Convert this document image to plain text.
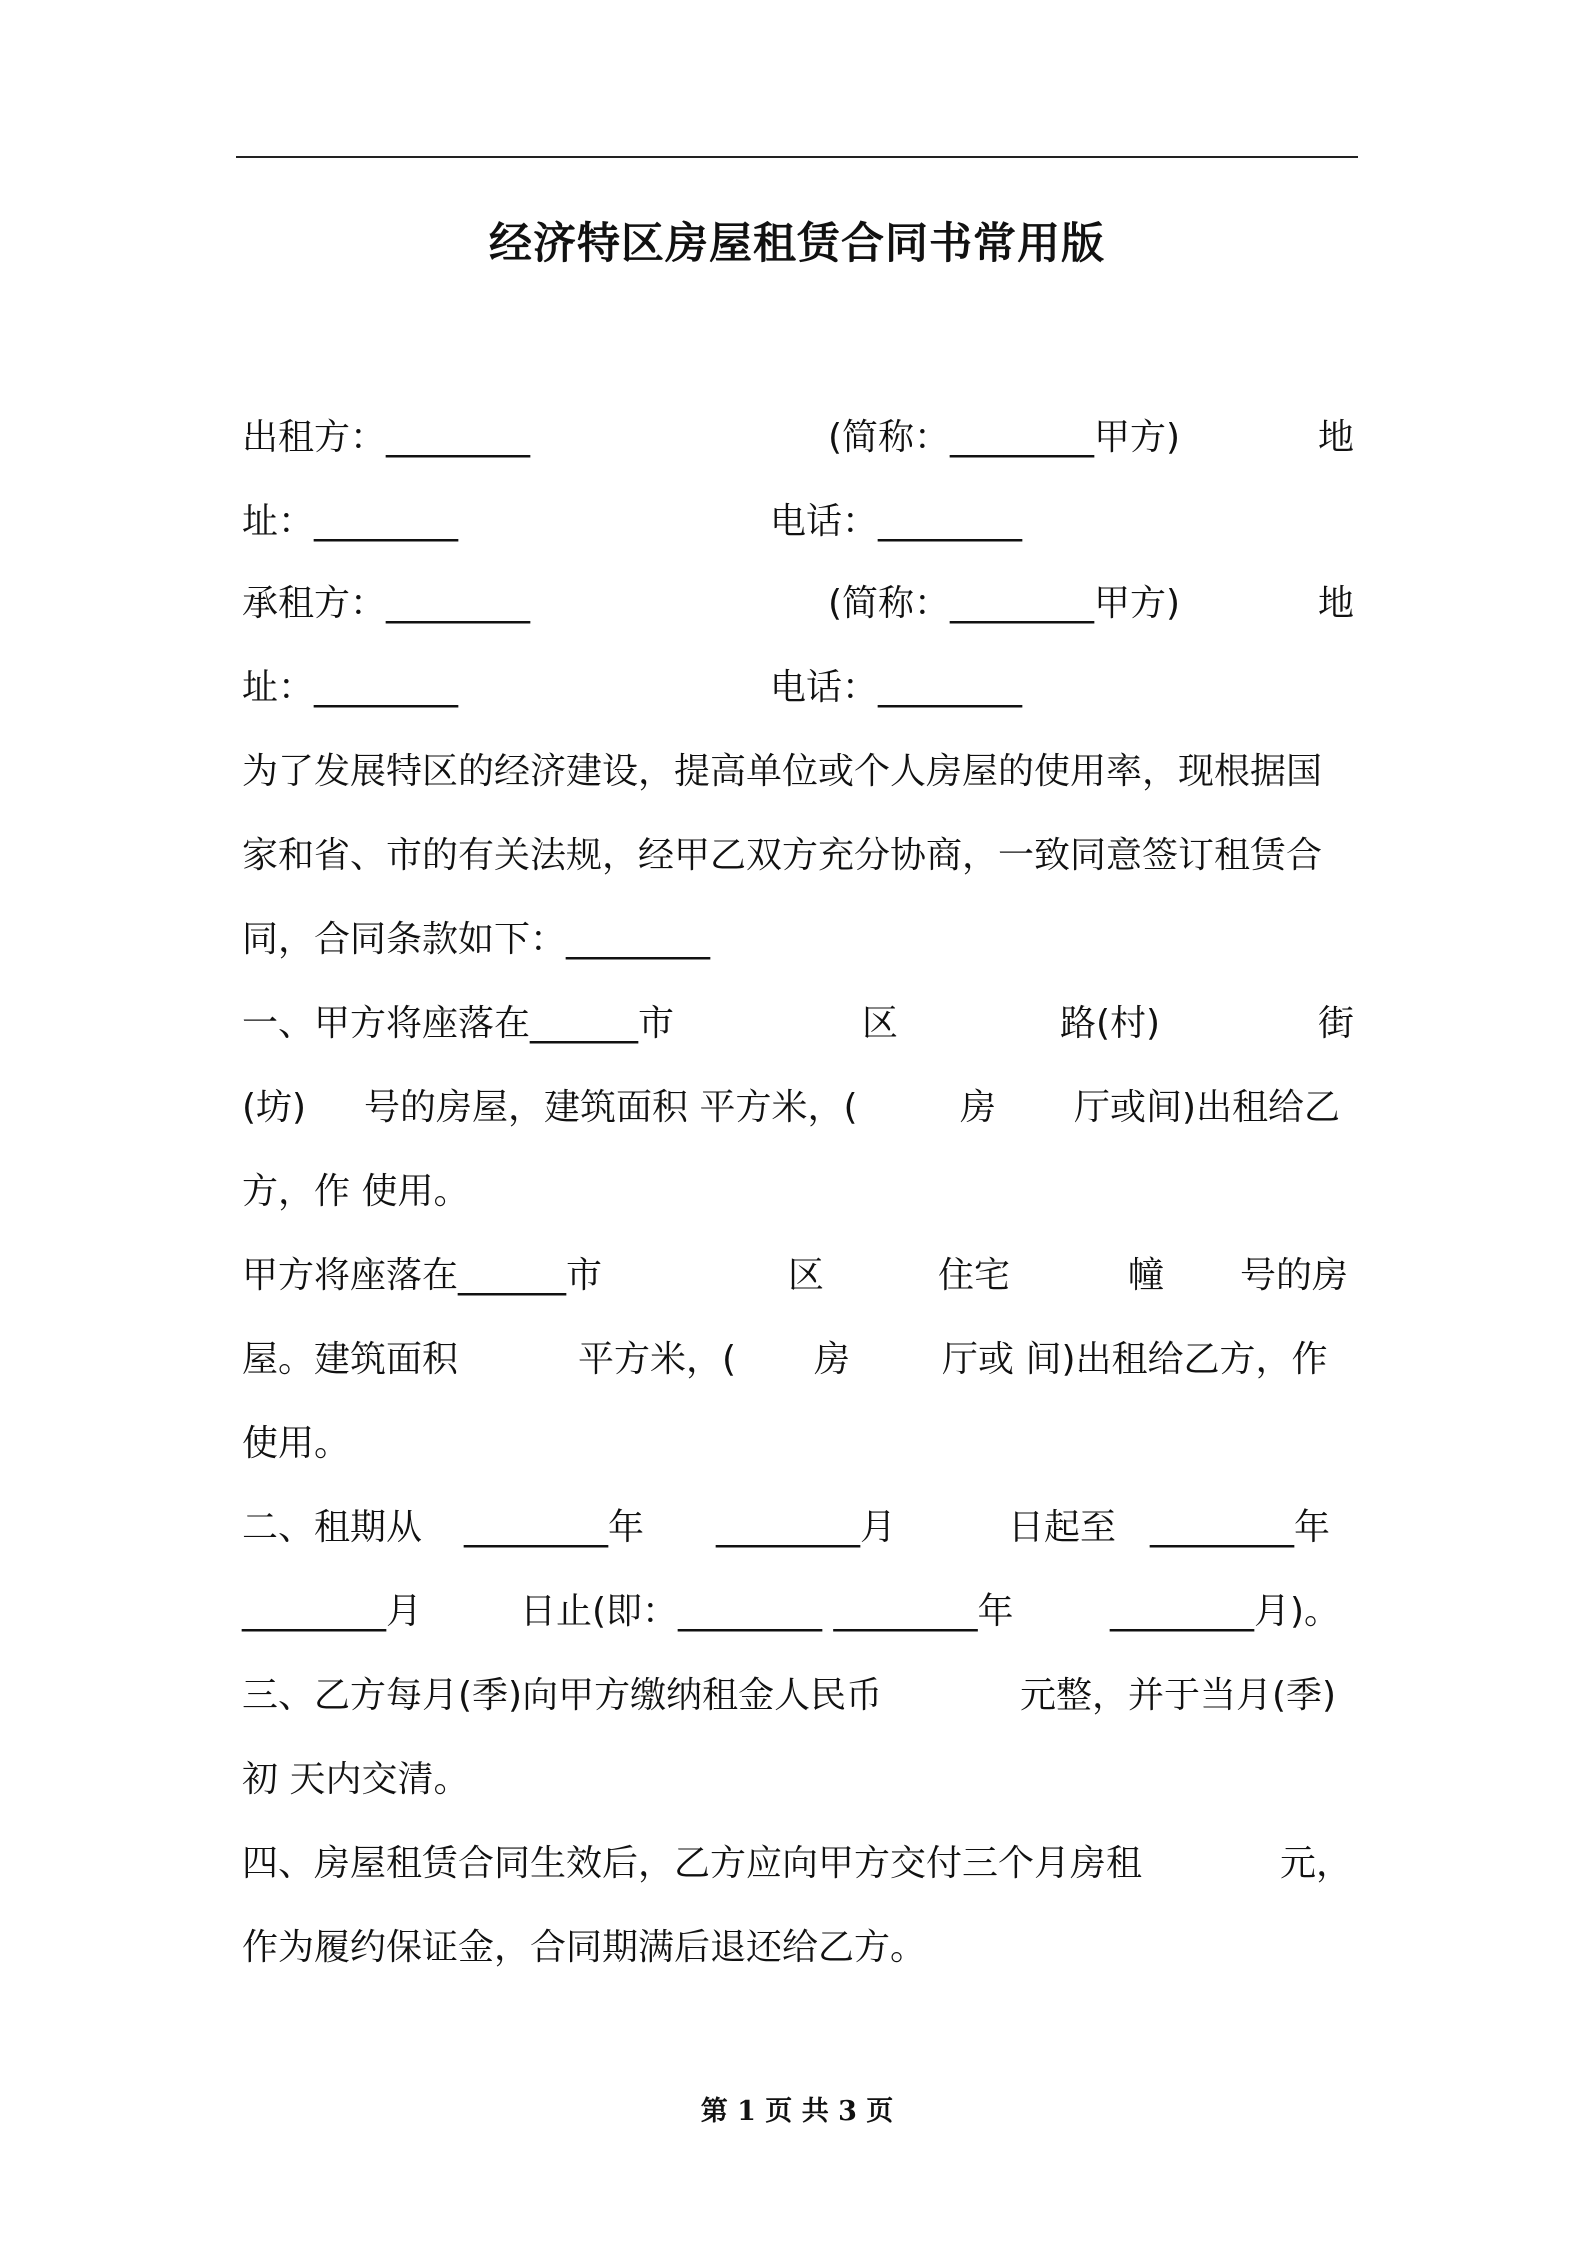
经济特区房屋租赁合同书常用版
出租方：________	(简称：________甲方)	地
址：________	电话：________
承租方：________	(简称：________甲方)	地
址：________	电话：________
为了发展特区的经济建设，提高单位或个人房屋的使用率，现根据国
家和省、市的有关法规，经甲乙双方充分协商，一致同意签订租赁合
同，合同条款如下：________
一、甲方将座落在______市	区	路(村)	街
(坊) 号的房屋，建筑面积 平方米，(	房 厅或间)出租给乙
方，作 使用。
甲方将座落在______市	区	住宅	幢 号的房
屋。建筑面积	平方米，( 房	厅或 间)出租给乙方，作
使用。
二、租期从 ________年 ________月	日起至 ________年
________月	日止(即：________ ________年	________月)。
三、乙方每月(季)向甲方缴纳租金人民币	元整，并于当月(季)
初 天内交清。
四、房屋租赁合同生效后，乙方应向甲方交付三个月房租	元，
作为履约保证金，合同期满后退还给乙方。
第 1 页 共 3 页
